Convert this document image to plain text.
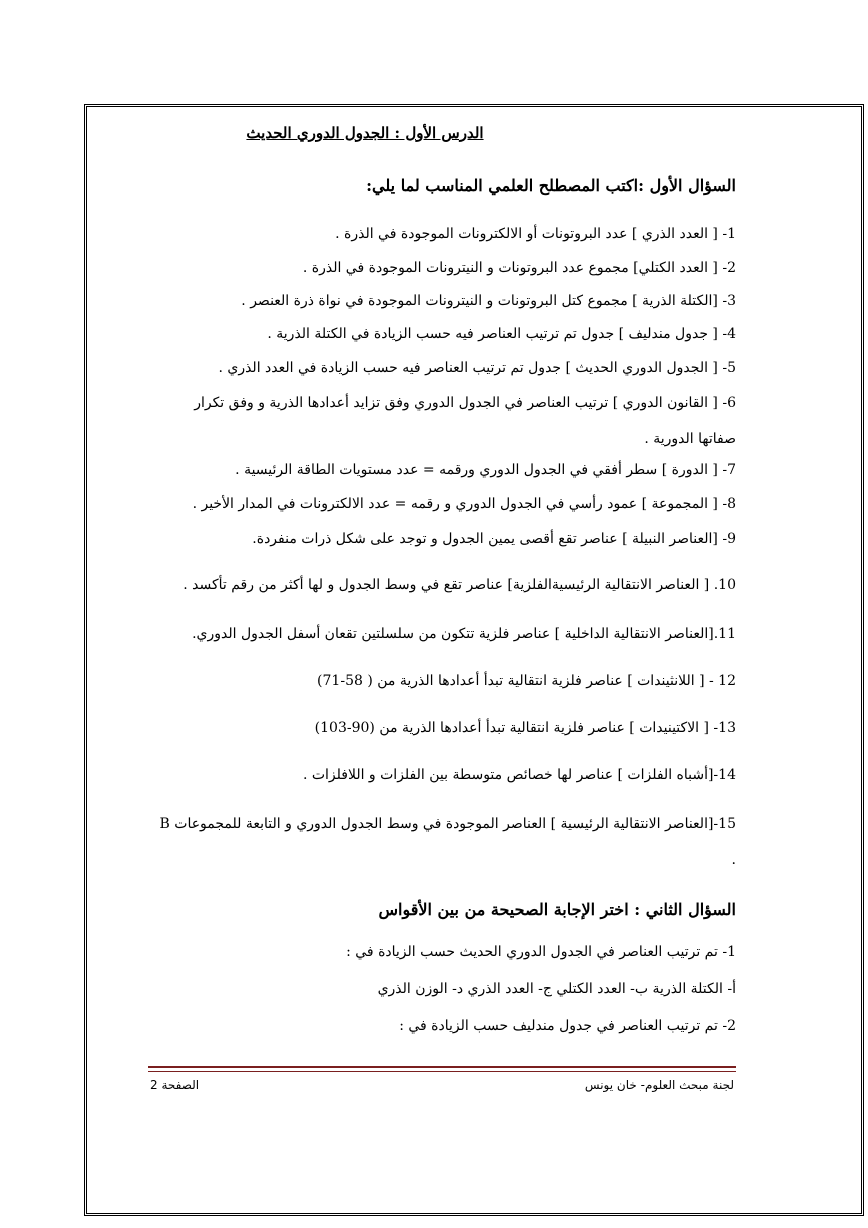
الدرس الأول : الجدول الدوري الحديث
السؤال الأول :اكتب المصطلح العلمي المناسب لما يلي:
1- [ العدد الذري ] عدد البروتونات أو الالكترونات الموجودة في الذرة .
2- [ العدد الكتلي] مجموع عدد البروتونات و النيترونات الموجودة في الذرة .
3- [الكتلة الذرية ] مجموع كتل البروتونات و النيترونات الموجودة في نواة ذرة العنصر .
4- [ جدول مندليف ] جدول تم ترتيب العناصر فيه حسب الزيادة في الكتلة الذرية .
5- [ الجدول الدوري الحديث ] جدول تم ترتيب العناصر فيه حسب الزيادة في العدد الذري .
6- [ القانون الدوري ] ترتيب العناصر في الجدول الدوري وفق تزايد أعدادها الذرية و وفق تكرار صفاتها الدورية .
7- [ الدورة ] سطر أفقي في الجدول الدوري ورقمه = عدد مستويات الطاقة الرئيسية .
8- [ المجموعة ] عمود رأسي في الجدول الدوري و رقمه = عدد الالكترونات في المدار الأخير .
9- [العناصر النبيلة ] عناصر تقع أقصى يمين الجدول و توجد على شكل ذرات منفردة.
10. [ العناصر الانتقالية الرئيسيةالفلزية] عناصر تقع في وسط الجدول و لها أكثر من رقم تأكسد .
11.[العناصر الانتقالية الداخلية ] عناصر فلزية تتكون من سلسلتين تقعان أسفل الجدول الدوري.
12 - [ اللانثيندات ] عناصر فلزية انتقالية تبدأ أعدادها الذرية من ( 58-71)
13- [ الاكتينيدات ] عناصر فلزية انتقالية تبدأ أعدادها الذرية من (90-103)
14-[أشباه الفلزات ] عناصر لها خصائص متوسطة بين الفلزات و اللافلزات .
15-[العناصر الانتقالية الرئيسية ] العناصر الموجودة في وسط الجدول الدوري و التابعة للمجموعات B .
السؤال الثاني : اختر الإجابة الصحيحة من بين الأقواس
1- تم ترتيب العناصر في الجدول الدوري الحديث حسب الزيادة في :
أ- الكتلة الذرية ب- العدد الكتلي ج- العدد الذري د- الوزن الذري
2- تم ترتيب العناصر في جدول مندليف حسب الزيادة في :
الصفحة 2	لجنة مبحث العلوم- خان يونس
